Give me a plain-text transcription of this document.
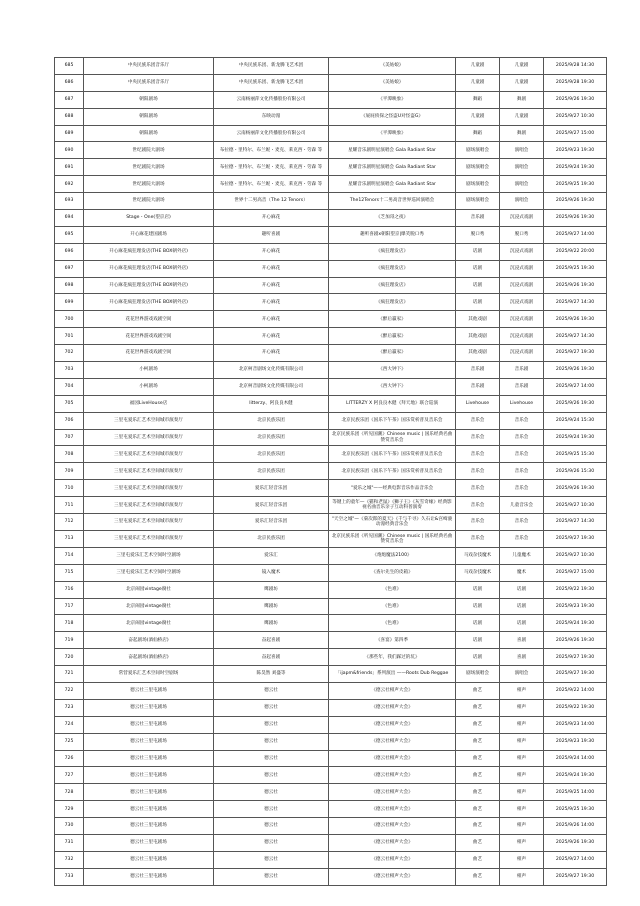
685	中央民族乐团音乐厅	中央民族乐团、新龙腾飞艺术团	《美姑娘》	儿童剧	儿童剧	2025/9/28 14:30
686	中央民族乐团音乐厅	中央民族乐团、新龙腾飞艺术团	《美姑娘》	儿童剧	儿童剧	2025/9/28 19:30
687	朝阳剧场	云南杨丽萍文化传播股份有限公司	《平潭映象》	舞蹈	舞剧	2025/9/26 19:30
688	朝阳剧场	东映动漫	《屁屁侦探之怪盗U对怪盗G》	儿童剧	儿童剧	2025/9/27 10:30
689	朝阳剧场	云南杨丽萍文化传播股份有限公司	《平潭映象》	舞蹈	舞剧	2025/9/27 15:00
690	世纪剧院大剧场	布拉德・里特尔、布兰妮・麦克、莱克西・劳森 等	星耀音乐剧明星演唱会 Gala Radiant Star	剧场演唱会	演唱会	2025/9/23 19:30
691	世纪剧院大剧场	布拉德・里特尔、布兰妮・麦克、莱克西・劳森 等	星耀音乐剧明星演唱会 Gala Radiant Star	剧场演唱会	演唱会	2025/9/24 19:30
692	世纪剧院大剧场	布拉德・里特尔、布兰妮・麦克、莱克西・劳森 等	星耀音乐剧明星演唱会 Gala Radiant Star	剧场演唱会	演唱会	2025/9/25 19:30
693	世纪剧院大剧场	世界十二男高音（The 12 Tenors）	The12Tenors十二男高音世界巡回演唱会	剧场演唱会	演唱会	2025/9/26 19:30
694	Stage・One(望京店)	开心麻花	《芝加哥之夜》	音乐剧	沉浸式戏剧	2025/9/26 19:30
695	开心麻花建国剧场	趣听喜剧	趣听喜剧x朝阳望京|爆笑脱口秀	脱口秀	脱口秀	2025/9/27 14:00
696	开心麻花疯狂理发店(THE BOX朝外店)	开心麻花	《疯狂理发店》	话剧	沉浸式戏剧	2025/9/22 20:00
697	开心麻花疯狂理发店(THE BOX朝外店)	开心麻花	《疯狂理发店》	话剧	沉浸式戏剧	2025/9/25 19:30
698	开心麻花疯狂理发店(THE BOX朝外店)	开心麻花	《疯狂理发店》	话剧	沉浸式戏剧	2025/9/26 19:30
699	开心麻花疯狂理发店(THE BOX朝外店)	开心麻花	《疯狂理发店》	话剧	沉浸式戏剧	2025/9/27 14:30
700	花花世界游戏戏剧空间	开心麻花	《醉后赢家》	其他戏剧	沉浸式戏剧	2025/9/26 19:30
701	花花世界游戏戏剧空间	开心麻花	《醉后赢家》	其他戏剧	沉浸式戏剧	2025/9/27 14:30
702	花花世界游戏戏剧空间	开心麻花	《醉后赢家》	其他戏剧	沉浸式戏剧	2025/9/27 19:30
703	小柯剧场	北京柯音剧场文化传媒有限公司	《西大钟下》	音乐剧	音乐剧	2025/9/26 19:30
704	小柯剧场	北京柯音剧场文化传媒有限公司	《西大钟下》	音乐剧	音乐剧	2025/9/27 14:00
705	福园LiveHouse店	litterzy、阿良良木健	LITTERZY X 阿良良木健《拜天地》联合巡演	Livehouse	Livehouse	2025/9/26 19:30
706	三里屯爱乐汇艺术空间城市演奏厅	北京民族乐团	北京民族乐团《国乐下午茶》国乐赏析普及音乐会	音乐会	音乐会	2025/9/24 15:30
707	三里屯爱乐汇艺术空间城市演奏厅	北京民族乐团	北京民族乐团《听见国潮》Chinese music | 国乐经典名曲赞赏音乐会	音乐会	音乐会	2025/9/24 19:30
708	三里屯爱乐汇艺术空间城市演奏厅	北京民族乐团	北京民族乐团《国乐下午茶》国乐赏析普及音乐会	音乐会	音乐会	2025/9/25 15:30
709	三里屯爱乐汇艺术空间城市演奏厅	北京民族乐团	北京民族乐团《国乐下午茶》国乐赏析普及音乐会	音乐会	音乐会	2025/9/26 15:30
710	三里屯爱乐汇艺术空间城市演奏厅	爱乐汇轻音乐团	"爱乐之城"——经典电影音乐作品音乐会	音乐会	音乐会	2025/9/26 19:30
711	三里屯爱乐汇艺术空间城市演奏厅	爱乐汇轻音乐团	等键上的童年—《猫和老鼠》《狮子王》《灰雪奇缘》经典影视名曲音乐亲子互动科普演奏	音乐会	儿童音乐会	2025/9/27 10:30
712	三里屯爱乐汇艺术空间城市演奏厅	爱乐汇轻音乐团	"天空之城"—《菊次郎的夏天》《千与千寻》久石让&宫崎骏动漫经典音乐会	音乐会	音乐会	2025/9/27 14:30
713	三里屯爱乐汇艺术空间城市演奏厅	北京民族乐团	北京民族乐团《听见国潮》Chinese music | 国乐经典名曲赞赏音乐会	音乐会	音乐会	2025/9/27 19:30
714	三里屯爱乐汇艺术空间时空剧场	爱乐汇	《炮炮魔法2100》	马戏杂技魔术	儿童魔术	2025/9/27 10:30
715	三里屯爱乐汇艺术空间时空剧场	镜入魔术	《查尔先生的皮箱》	马戏杂技魔术	魔术	2025/9/27 15:00
716	北京闹园vintage腐社	鹰剧坊	《色难》	话剧	话剧	2025/9/22 19:30
717	北京闹园vintage腐社	鹰剧坊	《色难》	话剧	话剧	2025/9/23 19:30
718	北京闹园vintage腐社	鹰剧坊	《色难》	话剧	话剧	2025/9/24 19:30
719	奋起剧场(酒仙桥店)	奋起喜剧	《喜宴》第四季	话剧	喜剧	2025/9/26 19:30
720	奋起剧场(酒仙桥店)	奋起喜剧	《那些年，我们踩过的坑》	话剧	喜剧	2025/9/27 19:30
721	常营爱乐汇艺术空间时空剧场	陈昊然 刘盛等	「ijapm&friends」系列演出 ——Roots Dub Reggae	剧场演唱会	演唱会	2025/9/27 19:30
722	德云社三里屯剧场	德云社	《德云社相声大会》	曲艺	相声	2025/9/22 14:00
723	德云社三里屯剧场	德云社	《德云社相声大会》	曲艺	相声	2025/9/22 19:30
724	德云社三里屯剧场	德云社	《德云社相声大会》	曲艺	相声	2025/9/23 14:00
725	德云社三里屯剧场	德云社	《德云社相声大会》	曲艺	相声	2025/9/23 19:30
726	德云社三里屯剧场	德云社	《德云社相声大会》	曲艺	相声	2025/9/24 14:00
727	德云社三里屯剧场	德云社	《德云社相声大会》	曲艺	相声	2025/9/24 19:30
728	德云社三里屯剧场	德云社	《德云社相声大会》	曲艺	相声	2025/9/25 14:00
729	德云社三里屯剧场	德云社	《德云社相声大会》	曲艺	相声	2025/9/25 19:30
730	德云社三里屯剧场	德云社	《德云社相声大会》	曲艺	相声	2025/9/26 14:00
731	德云社三里屯剧场	德云社	《德云社相声大会》	曲艺	相声	2025/9/26 19:30
732	德云社三里屯剧场	德云社	《德云社相声大会》	曲艺	相声	2025/9/27 14:00
733	德云社三里屯剧场	德云社	《德云社相声大会》	曲艺	相声	2025/9/27 19:30
